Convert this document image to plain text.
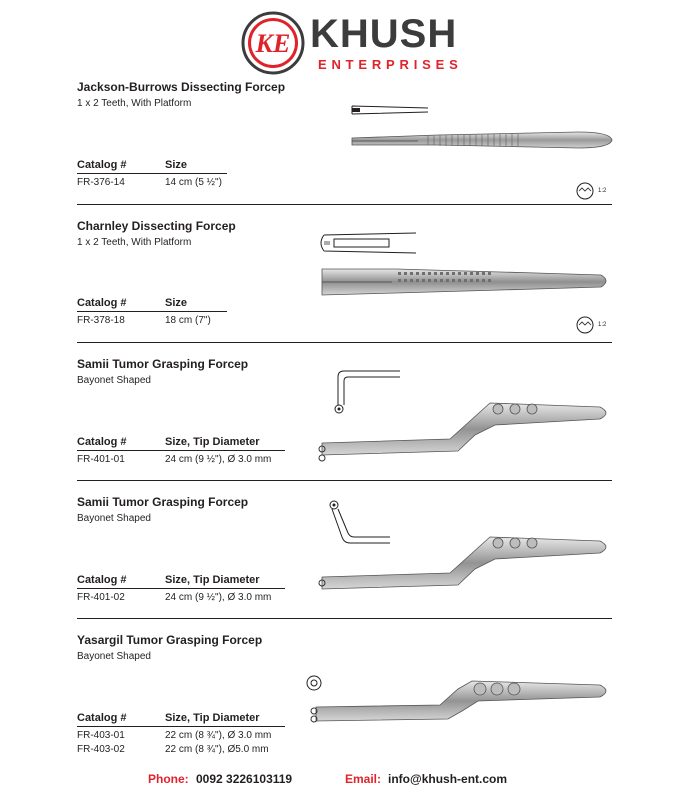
KE KHUSH
ENTERPRISES
Jackson-Burrows Dissecting Forcep
1 x 2 Teeth, With Platform
Catalog #	Size
FR-376-14	14 cm (5 ½")
1:2
Charnley Dissecting Forcep
1 x 2 Teeth, With Platform
Catalog #	Size
FR-378-18	18 cm (7")	1:2
Samii Tumor Grasping Forcep
Bayonet Shaped
Catalog #	Size, Tip Diameter
FR-401-01	24 cm (9 ½"), Ø 3.0 mm
Samii Tumor Grasping Forcep
Bayonet Shaped
Catalog #	Size, Tip Diameter
FR-401-02	24 cm (9 ½"), Ø 3.0 mm
Yasargil Tumor Grasping Forcep
Bayonet Shaped
Catalog #	Size, Tip Diameter
FR-403-01	22 cm (8 ¾"), Ø 3.0 mm
FR-403-02	22 cm (8 ¾"), Ø5.0 mm
Phone: 0092 3226103119	Email: info@khush-ent.com
